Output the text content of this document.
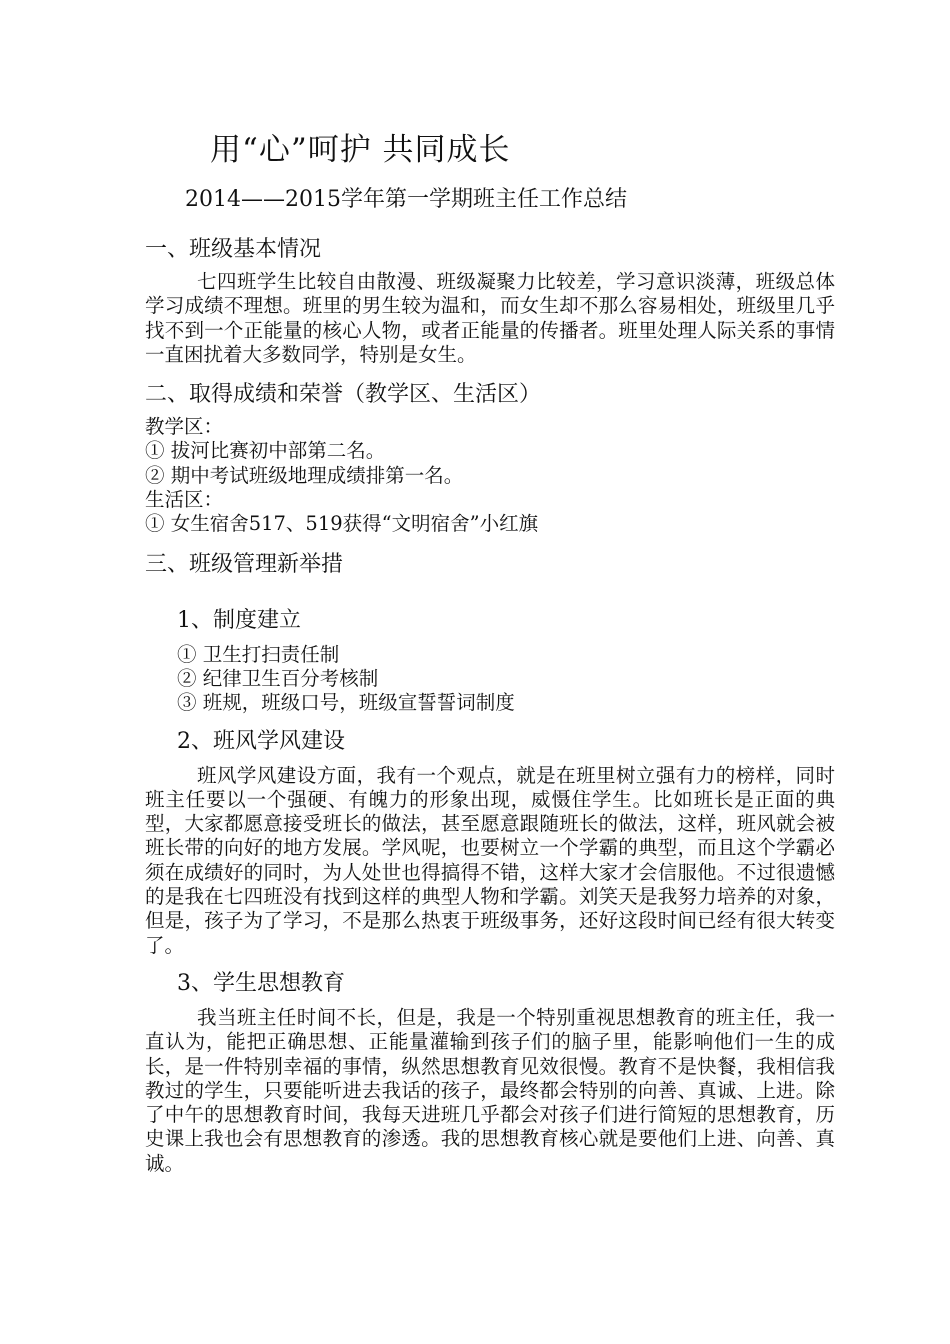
用“心”呵护 共同成长
2014——2015学年第一学期班主任工作总结
一、班级基本情况

七四班学生比较自由散漫、班级凝聚力比较差，学习意识淡薄，班级总体学习成绩不理想。班里的男生较为温和，而女生却不那么容易相处，班级里几乎找不到一个正能量的核心人物，或者正能量的传播者。班里处理人际关系的事情一直困扰着大多数同学，特别是女生。

二、取得成绩和荣誉（教学区、生活区）

教学区：

① 拔河比赛初中部第二名。
② 期中考试班级地理成绩排第一名。

生活区：

① 女生宿舍517、519获得“文明宿舍”小红旗
三、班级管理新举措
1、制度建立
① 卫生打扫责任制
② 纪律卫生百分考核制
③ 班规，班级口号，班级宣誓誓词制度
2、班风学风建设

班风学风建设方面，我有一个观点，就是在班里树立强有力的榜样，同时班主任要以一个强硬、有魄力的形象出现，威慑住学生。比如班长是正面的典型，大家都愿意接受班长的做法，甚至愿意跟随班长的做法，这样，班风就会被班长带的向好的地方发展。学风呢，也要树立一个学霸的典型，而且这个学霸必须在成绩好的同时，为人处世也得搞得不错，这样大家才会信服他。不过很遗憾的是我在七四班没有找到这样的典型人物和学霸。刘笑天是我努力培养的对象，但是，孩子为了学习，不是那么热衷于班级事务，还好这段时间已经有很大转变了。

3、学生思想教育

我当班主任时间不长，但是，我是一个特别重视思想教育的班主任，我一直认为，能把正确思想、正能量灌输到孩子们的脑子里，能影响他们一生的成长，是一件特别幸福的事情，纵然思想教育见效很慢。教育不是快餐，我相信我教过的学生，只要能听进去我话的孩子，最终都会特别的向善、真诚、上进。除了中午的思想教育时间，我每天进班几乎都会对孩子们进行简短的思想教育，历史课上我也会有思想教育的渗透。我的思想教育核心就是要他们上进、向善、真诚。
